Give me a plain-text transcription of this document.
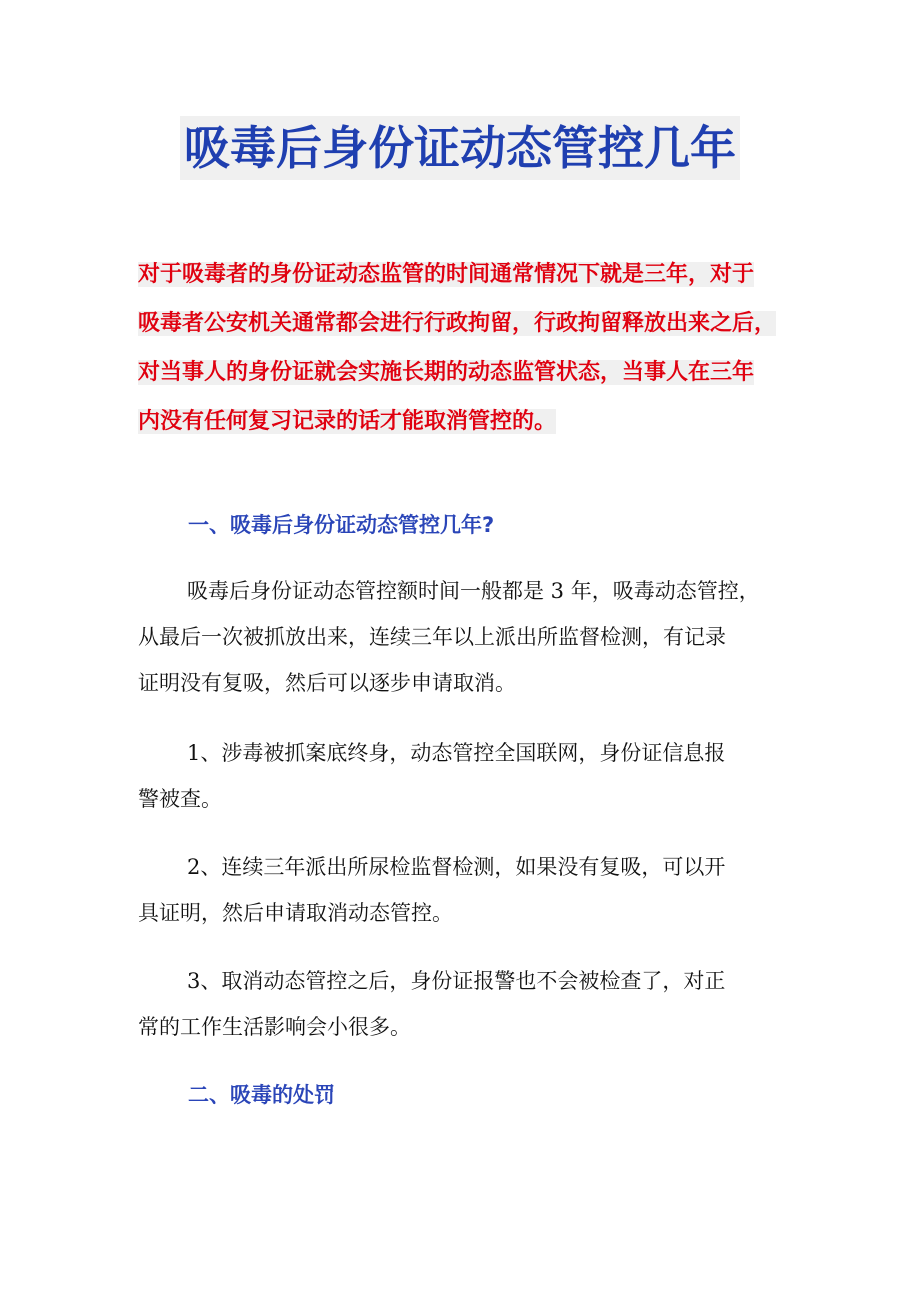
吸毒后身份证动态管控几年
对于吸毒者的身份证动态监管的时间通常情况下就是三年，对于
吸毒者公安机关通常都会进行行政拘留，行政拘留释放出来之后，
对当事人的身份证就会实施长期的动态监管状态，当事人在三年
内没有任何复习记录的话才能取消管控的。
一、吸毒后身份证动态管控几年?
吸毒后身份证动态管控额时间一般都是 3 年，吸毒动态管控，
从最后一次被抓放出来，连续三年以上派出所监督检测，有记录
证明没有复吸，然后可以逐步申请取消。
1、涉毒被抓案底终身，动态管控全国联网，身份证信息报
警被查。
2、连续三年派出所尿检监督检测，如果没有复吸，可以开
具证明，然后申请取消动态管控。
3、取消动态管控之后，身份证报警也不会被检查了，对正
常的工作生活影响会小很多。
二、吸毒的处罚
